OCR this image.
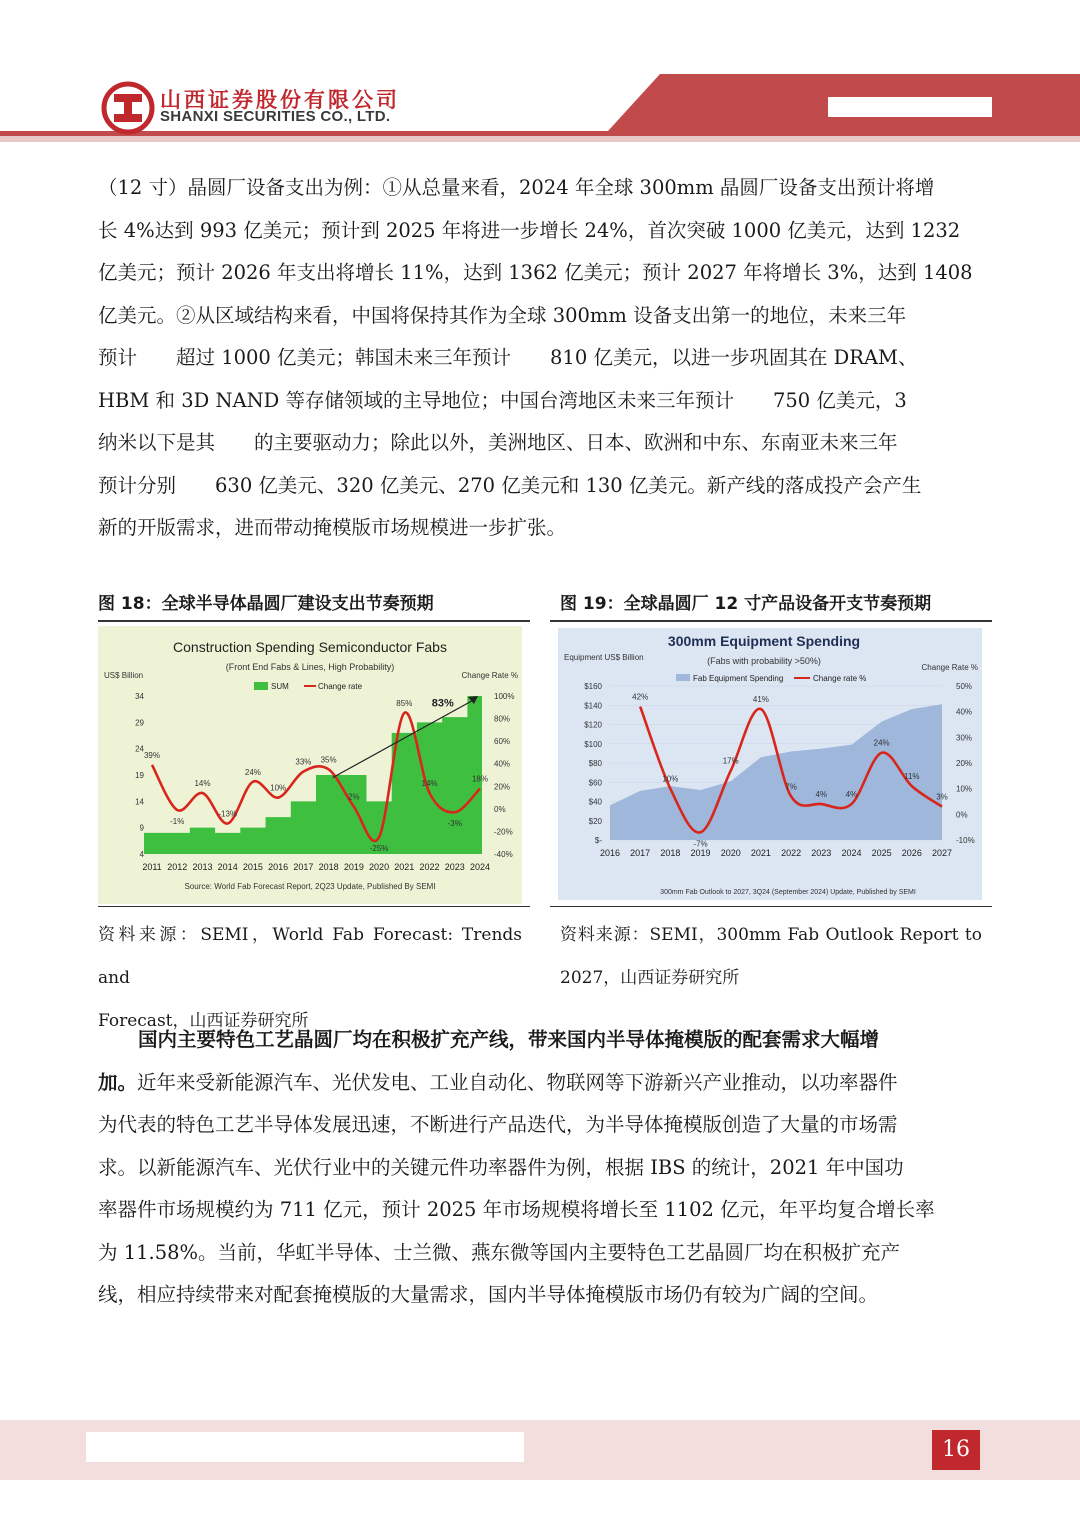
山西证券股份有限公司
SHANXI SECURITIES CO., LTD.

（12 寸）晶圆厂设备支出为例：①从总量来看，2024 年全球 300mm 晶圆厂设备支出预计将增

长 4%达到 993 亿美元；预计到 2025 年将进一步增长 24%，首次突破 1000 亿美元，达到 1232

亿美元；预计 2026 年支出将增长 11%，达到 1362 亿美元；预计 2027 年将增长 3%，达到 1408

亿美元。②从区域结构来看，中国将保持其作为全球 300mm 设备支出第一的地位，未来三年

预计　　超过 1000 亿美元；韩国未来三年预计　　810 亿美元，以进一步巩固其在 DRAM、

HBM 和 3D NAND 等存储领域的主导地位；中国台湾地区未来三年预计　　750 亿美元，3

纳米以下是其　　的主要驱动力；除此以外，美洲地区、日本、欧洲和中东、东南亚未来三年

预计分别　　630 亿美元、320 亿美元、270 亿美元和 130 亿美元。新产线的落成投产会产生

新的开版需求，进而带动掩模版市场规模进一步扩张。

图 18：全球半导体晶圆厂建设支出节奏预期	图 19：全球晶圆厂 12 寸产品设备开支节奏预期
Construction Spending Semiconductor Fabs
(Front End Fabs & Lines, High Probability)
US$ Billion	Change Rate %
SUM	Change rate
34
29
24
19
14
9
4
100%
80%
60%
40%
20%
0%
-20%
-40%
39%
-1%
14%
-13%
24%
10%
33% 35%
2%
-25%
85%
14%
-3%
18%
2011 2012 2013 2014 2015 2016 2017 2018 2019 2020 2021 2022 2023 2024
83%
Source: World Fab Forecast Report, 2Q23 Update, Published By SEMI
300mm Equipment Spending
(Fabs with probability >50%)
Equipment US$ Billion
Change Rate %
Fab Equipment Spending	Change rate %
$160
$140
$120
$100
$80
$60
$40
$20
$-
50%
40%
30%
20%
10%
0%
-10%
42%
10%
-7%
17%
41%
7%
4% 4%
24%
11%
3%
2016 2017 2018 2019 2020 2021 2022 2023 2024 2025 2026 2027
300mm Fab Outlook to 2027, 3Q24 (September 2024) Update, Published by SEMI
资料来源：SEMI，World Fab Forecast: Trends and
Forecast，山西证券研究所
资料来源：SEMI，300mm Fab Outlook Report to
2027，山西证券研究所

国内主要特色工艺晶圆厂均在积极扩充产线，带来国内半导体掩模版的配套需求大幅增

加。近年来受新能源汽车、光伏发电、工业自动化、物联网等下游新兴产业推动，以功率器件

为代表的特色工艺半导体发展迅速，不断进行产品迭代，为半导体掩模版创造了大量的市场需

求。以新能源汽车、光伏行业中的关键元件功率器件为例，根据 IBS 的统计，2021 年中国功

率器件市场规模约为 711 亿元，预计 2025 年市场规模将增长至 1102 亿元，年平均复合增长率

为 11.58%。当前，华虹半导体、士兰微、燕东微等国内主要特色工艺晶圆厂均在积极扩充产

线，相应持续带来对配套掩模版的大量需求，国内半导体掩模版市场仍有较为广阔的空间。

16
